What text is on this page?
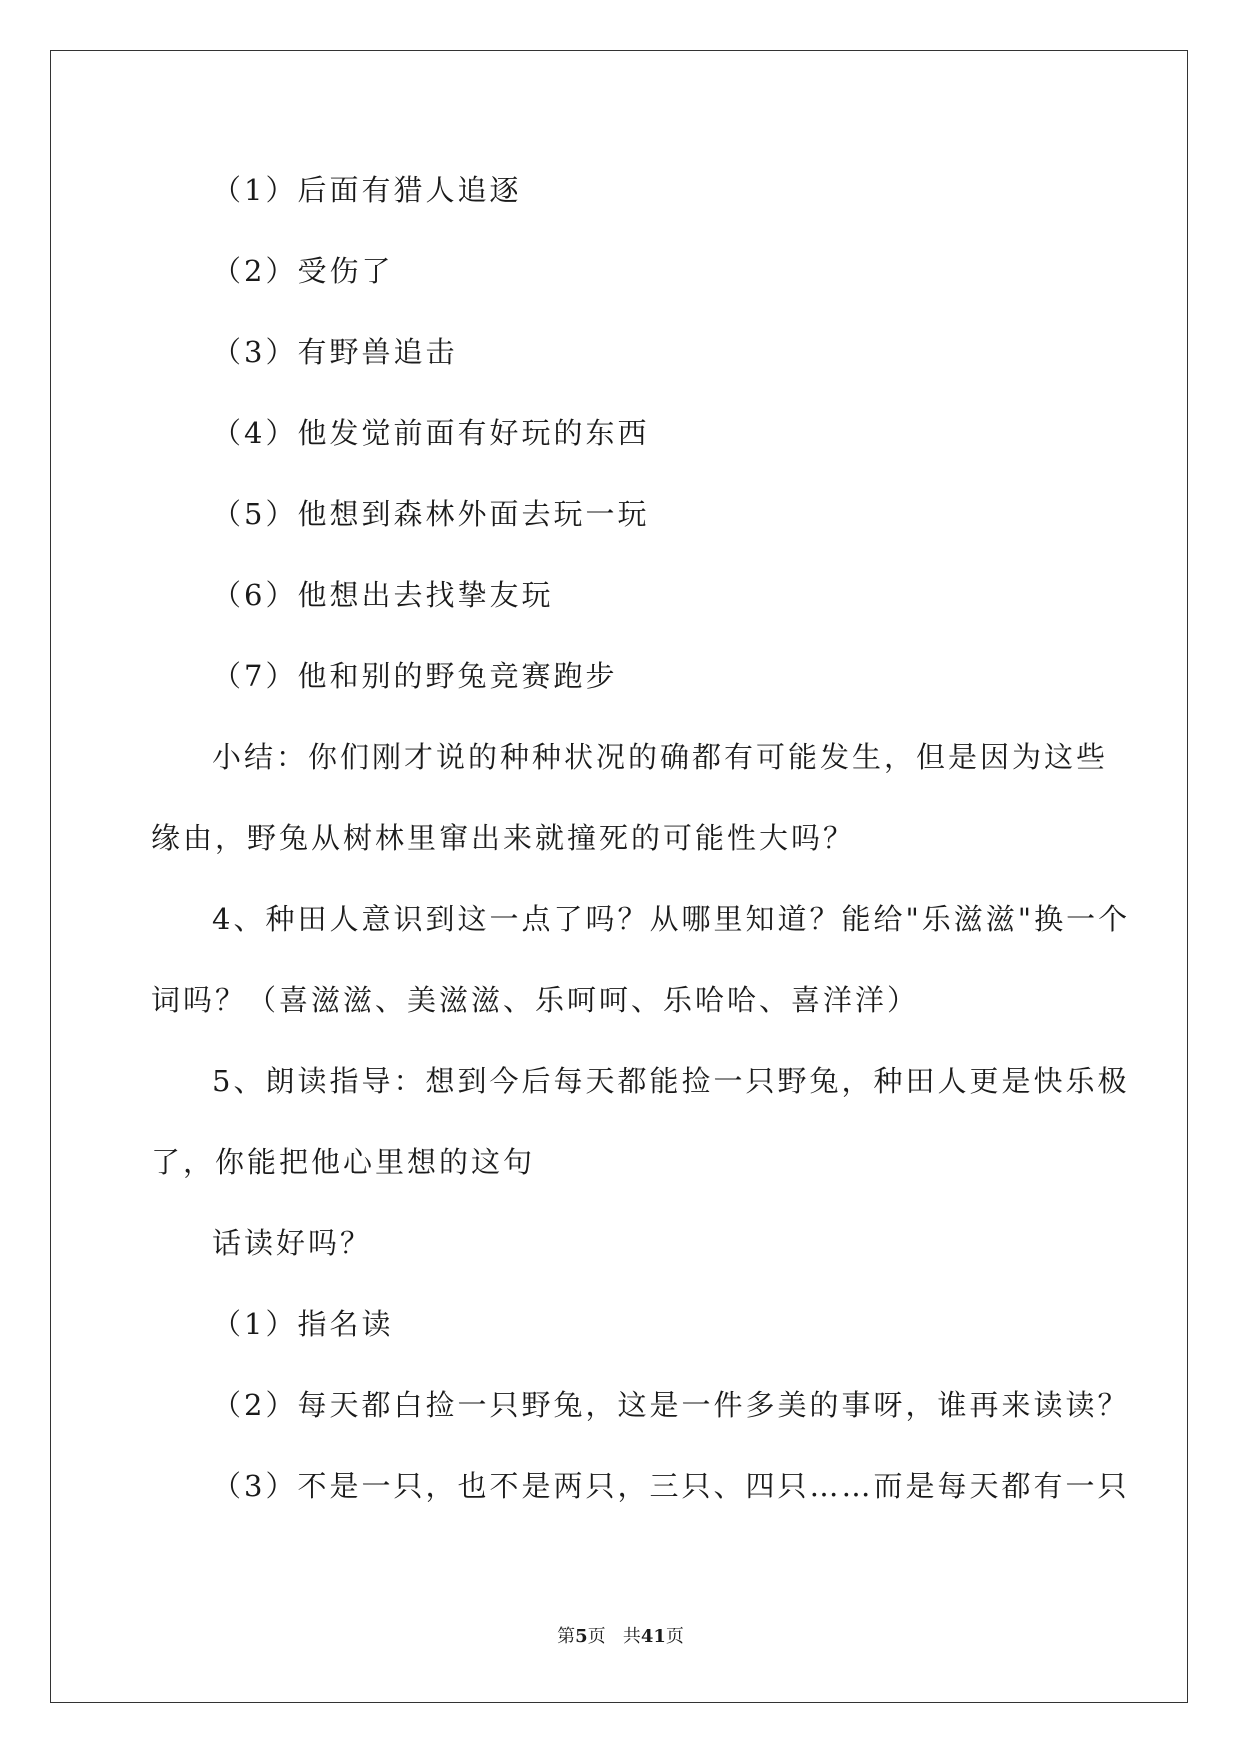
（1）后面有猎人追逐
（2）受伤了
（3）有野兽追击
（4）他发觉前面有好玩的东西
（5）他想到森林外面去玩一玩
（6）他想出去找挚友玩
（7）他和别的野兔竞赛跑步
小结：你们刚才说的种种状况的确都有可能发生，但是因为这些
缘由，野兔从树林里窜出来就撞死的可能性大吗？
4、种田人意识到这一点了吗？从哪里知道？能给"乐滋滋"换一个
词吗？（喜滋滋、美滋滋、乐呵呵、乐哈哈、喜洋洋）
5、朗读指导：想到今后每天都能捡一只野兔，种田人更是快乐极
了，你能把他心里想的这句
话读好吗？
（1）指名读
（2）每天都白捡一只野兔，这是一件多美的事呀，谁再来读读？
（3）不是一只，也不是两只，三只、四只……而是每天都有一只
第5页 共41页
